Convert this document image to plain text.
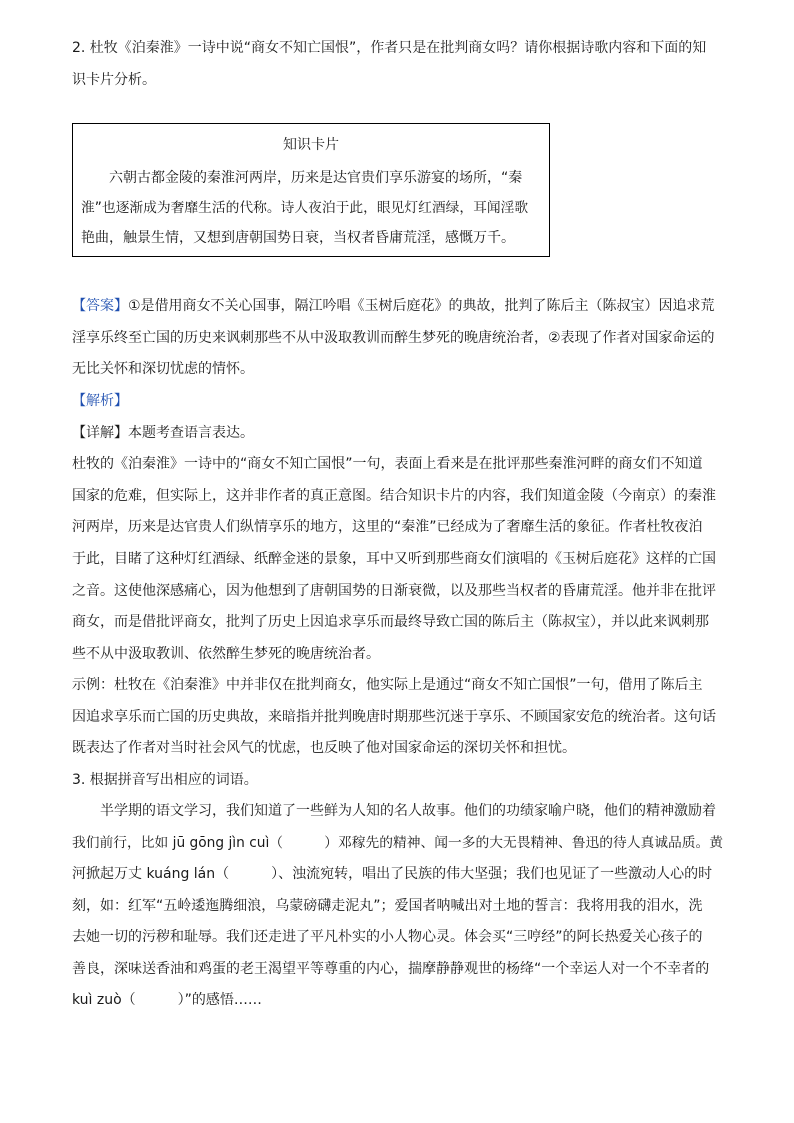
2. 杜牧《泊秦淮》一诗中说“商女不知亡国恨”，作者只是在批判商女吗？请你根据诗歌内容和下面的知
识卡片分析。
知识卡片
六朝古都金陵的秦淮河两岸，历来是达官贵们享乐游宴的场所，“秦
淮”也逐渐成为奢靡生活的代称。诗人夜泊于此，眼见灯红酒绿，耳闻淫歌
艳曲，触景生情，又想到唐朝国势日衰，当权者昏庸荒淫，感慨万千。
【答案】①是借用商女不关心国事，隔江吟唱《玉树后庭花》的典故，批判了陈后主（陈叔宝）因追求荒
淫享乐终至亡国的历史来讽刺那些不从中汲取教训而醉生梦死的晚唐统治者，②表现了作者对国家命运的
无比关怀和深切忧虑的情怀。
【解析】
【详解】本题考查语言表达。
杜牧的《泊秦淮》一诗中的“商女不知亡国恨”一句，表面上看来是在批评那些秦淮河畔的商女们不知道
国家的危难，但实际上，这并非作者的真正意图。结合知识卡片的内容，我们知道金陵（今南京）的秦淮
河两岸，历来是达官贵人们纵情享乐的地方，这里的“秦淮”已经成为了奢靡生活的象征。作者杜牧夜泊
于此，目睹了这种灯红酒绿、纸醉金迷的景象，耳中又听到那些商女们演唱的《玉树后庭花》这样的亡国
之音。这使他深感痛心，因为他想到了唐朝国势的日渐衰微，以及那些当权者的昏庸荒淫。他并非在批评
商女，而是借批评商女，批判了历史上因追求享乐而最终导致亡国的陈后主（陈叔宝），并以此来讽刺那
些不从中汲取教训、依然醉生梦死的晚唐统治者。
示例：杜牧在《泊秦淮》中并非仅在批判商女，他实际上是通过“商女不知亡国恨”一句，借用了陈后主
因追求享乐而亡国的历史典故，来暗指并批判晚唐时期那些沉迷于享乐、不顾国家安危的统治者。这句话
既表达了作者对当时社会风气的忧虑，也反映了他对国家命运的深切关怀和担忧。
3. 根据拼音写出相应的词语。
半学期的语文学习，我们知道了一些鲜为人知的名人故事。他们的功绩家喻户晓，他们的精神激励着
我们前行，比如 jū gōng jìn cuì（　　　）邓稼先的精神、闻一多的大无畏精神、鲁迅的待人真诚品质。黄
河掀起万丈 kuáng lán（　　　）、浊流宛转，唱出了民族的伟大坚强；我们也见证了一些激动人心的时
刻，如：红军“五岭逶迤腾细浪，乌蒙磅礴走泥丸”；爱国者呐喊出对土地的誓言：我将用我的泪水，洗
去她一切的污秽和耻辱。我们还走进了平凡朴实的小人物心灵。体会买“三哼经”的阿长热爱关心孩子的
善良，深味送香油和鸡蛋的老王渴望平等尊重的内心，揣摩静静观世的杨绛“一个幸运人对一个不幸者的
kuì zuò（　　　）”的感悟……
